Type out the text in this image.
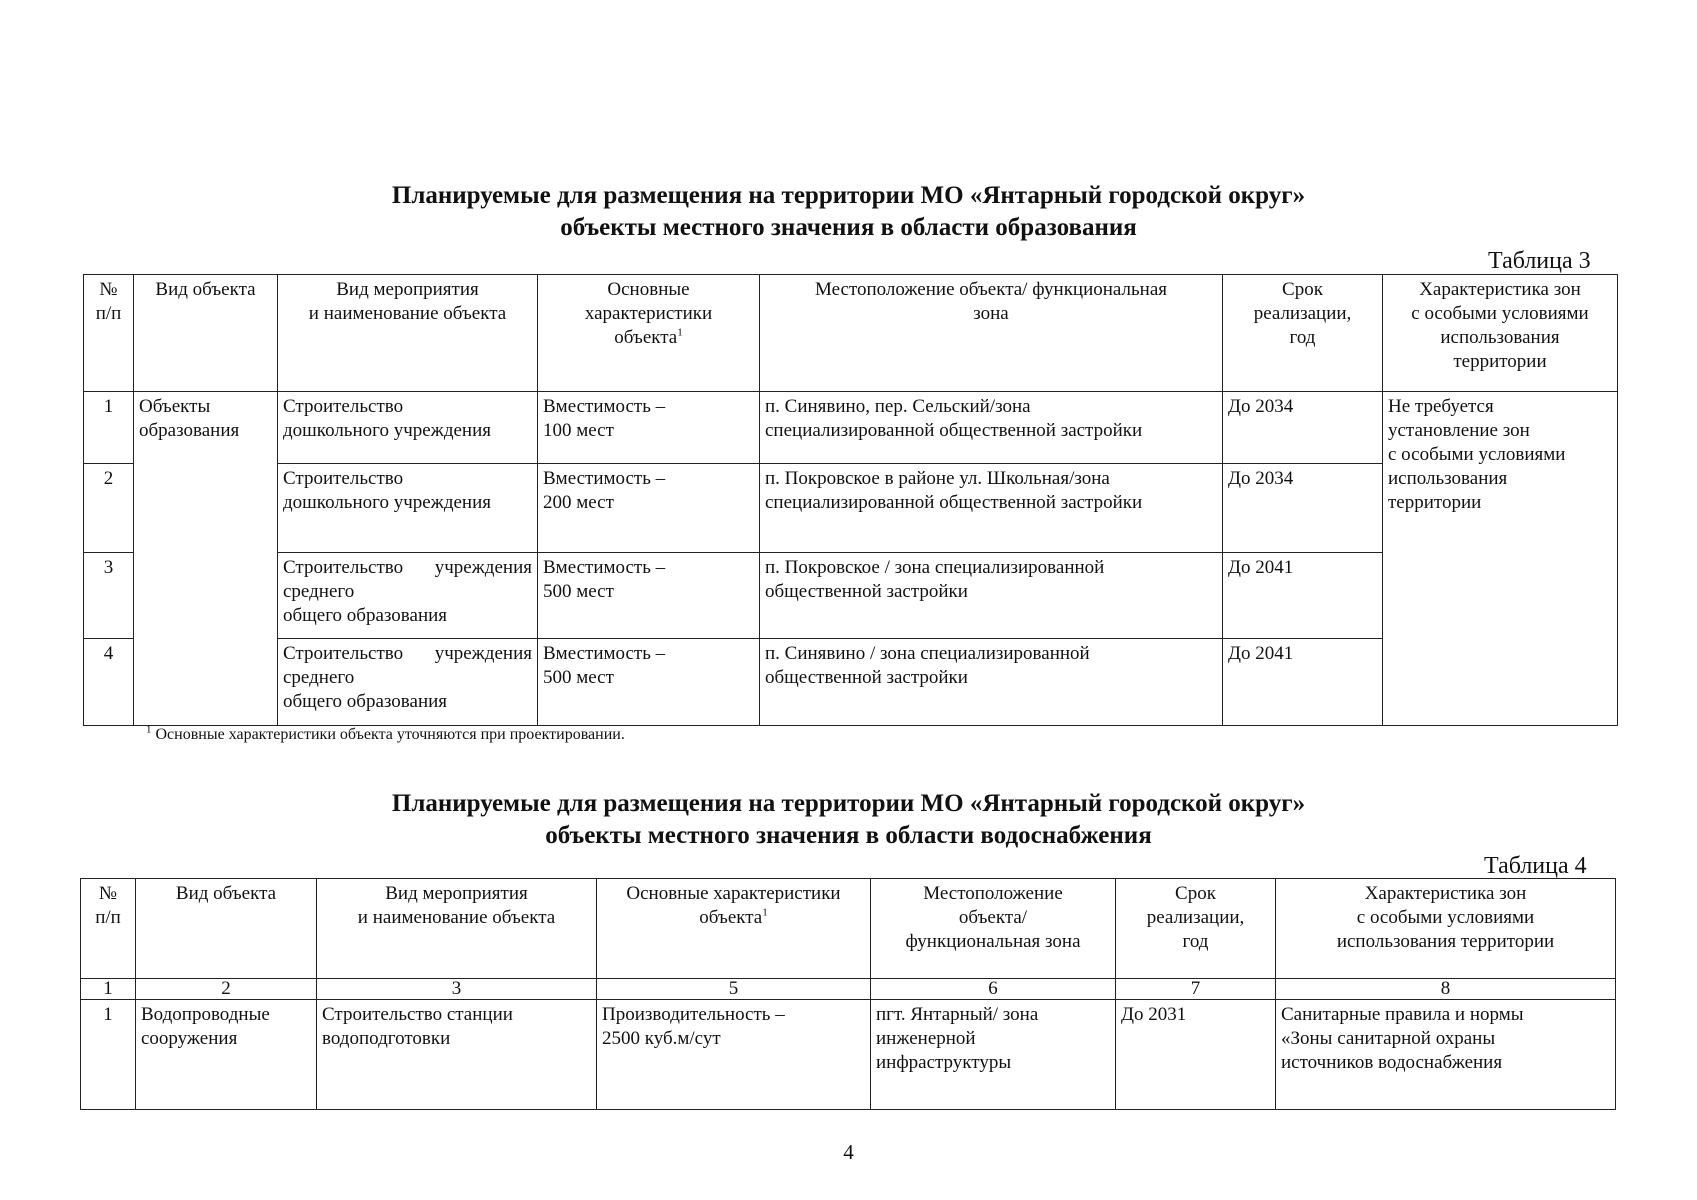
Планируемые для размещения на территории МО «Янтарный городской округ»
объекты местного значения в области образования
Таблица 3
№
п/п	Вид объекта	Вид мероприятия
и наименование объекта	Основные
характеристики
объекта$^1$	Местоположение объекта/ функциональная
зона	Срок
реализации,
год	Характеристика зон
с особыми условиями
использования
территории

1	Объекты
образования	Строительство
дошкольного учреждения	Вместимость –
100 мест	п. Синявино, пер. Сельский/зона
специализированной общественной застройки	До 2034	Не требуется
установление зон
с особыми условиями
использования
территории

2		Строительство
дошкольного учреждения	Вместимость –
200 мест	п. Покровское в районе ул. Школьная/зона
специализированной общественной застройки	До 2034	
3		Строительство учреждения среднего
общего образования	Вместимость –
500 мест	п. Покровское / зона специализированной
общественной застройки	До 2041	
4		Строительство учреждения среднего
общего образования	Вместимость –
500 мест	п. Синявино / зона специализированной
общественной застройки	До 2041	
$^1$ Основные характеристики объекта уточняются при проектировании.
Планируемые для размещения на территории МО «Янтарный городской округ»
объекты местного значения в области водоснабжения
Таблица 4
№
п/п	Вид объекта	Вид мероприятия
и наименование объекта	Основные характеристики
объекта$^1$	Местоположение
объекта/
функциональная зона	Срок
реализации,
год	Характеристика зон
с особыми условиями
использования территории

1	2	3	5	6	7	8
1	Водопроводные
сооружения	Строительство станции
водоподготовки	Производительность –
2500 куб.м/сут	пгт. Янтарный/ зона
инженерной
инфраструктуры	До 2031	Санитарные правила и нормы
«Зоны санитарной охраны
источников водоснабжения
4
